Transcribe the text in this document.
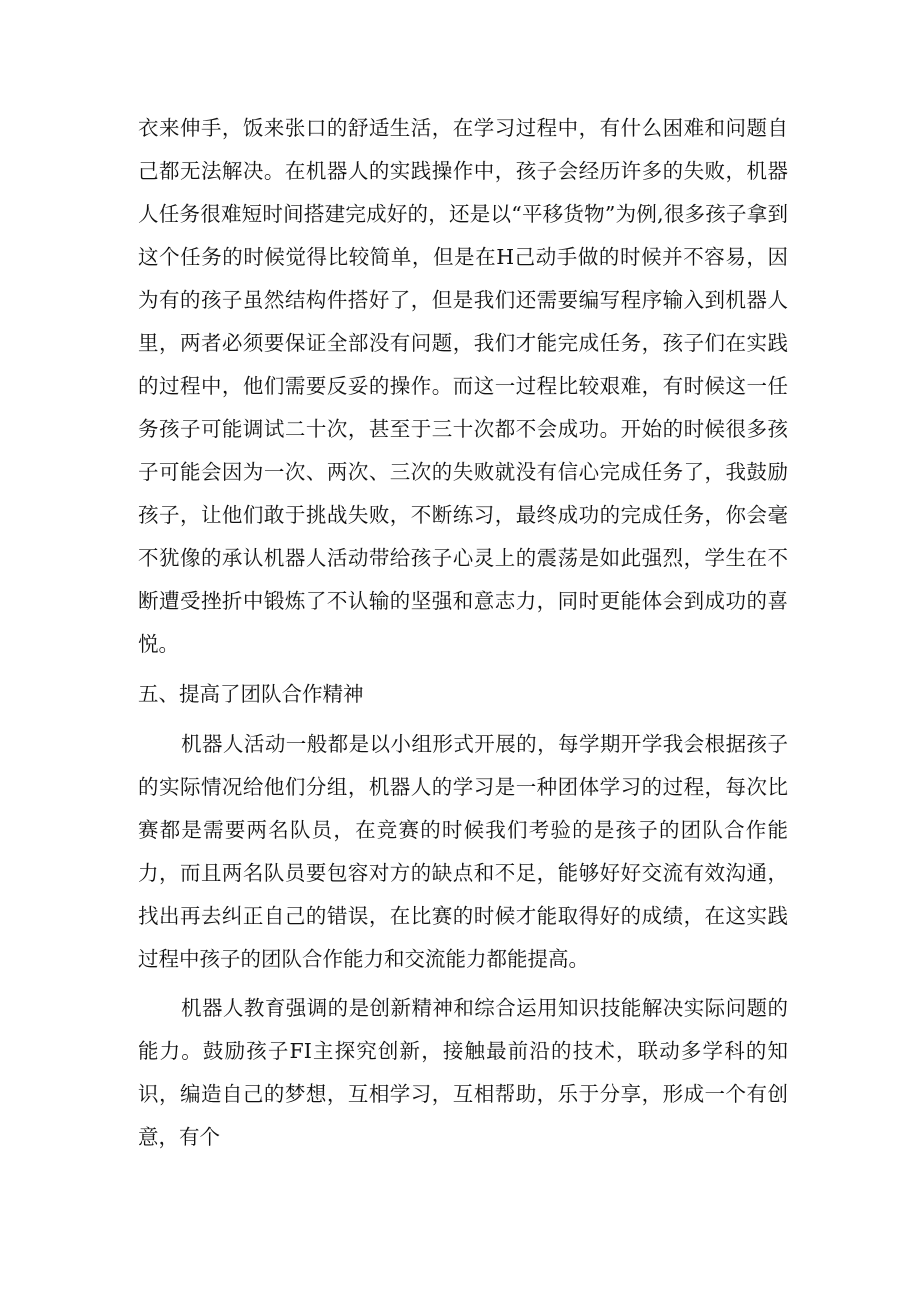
衣来伸手，饭来张口的舒适生活，在学习过程中，有什么困难和问题自己都无法解决。在机器人的实践操作中，孩子会经历许多的失败，机器人任务很难短时间搭建完成好的，还是以“平移货物”为例,很多孩子拿到这个任务的时候觉得比较简单，但是在H己动手做的时候并不容易，因为有的孩子虽然结构件搭好了，但是我们还需要编写程序输入到机器人里，两者必须要保证全部没有问题，我们才能完成任务，孩子们在实践的过程中，他们需要反妥的操作。而这一过程比较艰难，有时候这一任务孩子可能调试二十次，甚至于三十次都不会成功。开始的时候很多孩子可能会因为一次、两次、三次的失败就没有信心完成任务了，我鼓励孩子，让他们敢于挑战失败，不断练习，最终成功的完成任务，你会毫不犹像的承认机器人活动带给孩子心灵上的震荡是如此强烈，学生在不断遭受挫折中锻炼了不认输的坚强和意志力，同时更能体会到成功的喜悦。

五、提高了团队合作精神

机器人活动一般都是以小组形式开展的，每学期开学我会根据孩子的实际情况给他们分组，机器人的学习是一种团体学习的过程，每次比赛都是需要两名队员，在竞赛的时候我们考验的是孩子的团队合作能力，而且两名队员要包容对方的缺点和不足，能够好好交流有效沟通，找出再去纠正自己的错误，在比赛的时候才能取得好的成绩，在这实践过程中孩子的团队合作能力和交流能力都能提高。

机器人教育强调的是创新精神和综合运用知识技能解决实际问题的能力。鼓励孩子FI主探究创新，接触最前沿的技术，联动多学科的知识，编造自己的梦想，互相学习，互相帮助，乐于分享，形成一个有创意，有个
